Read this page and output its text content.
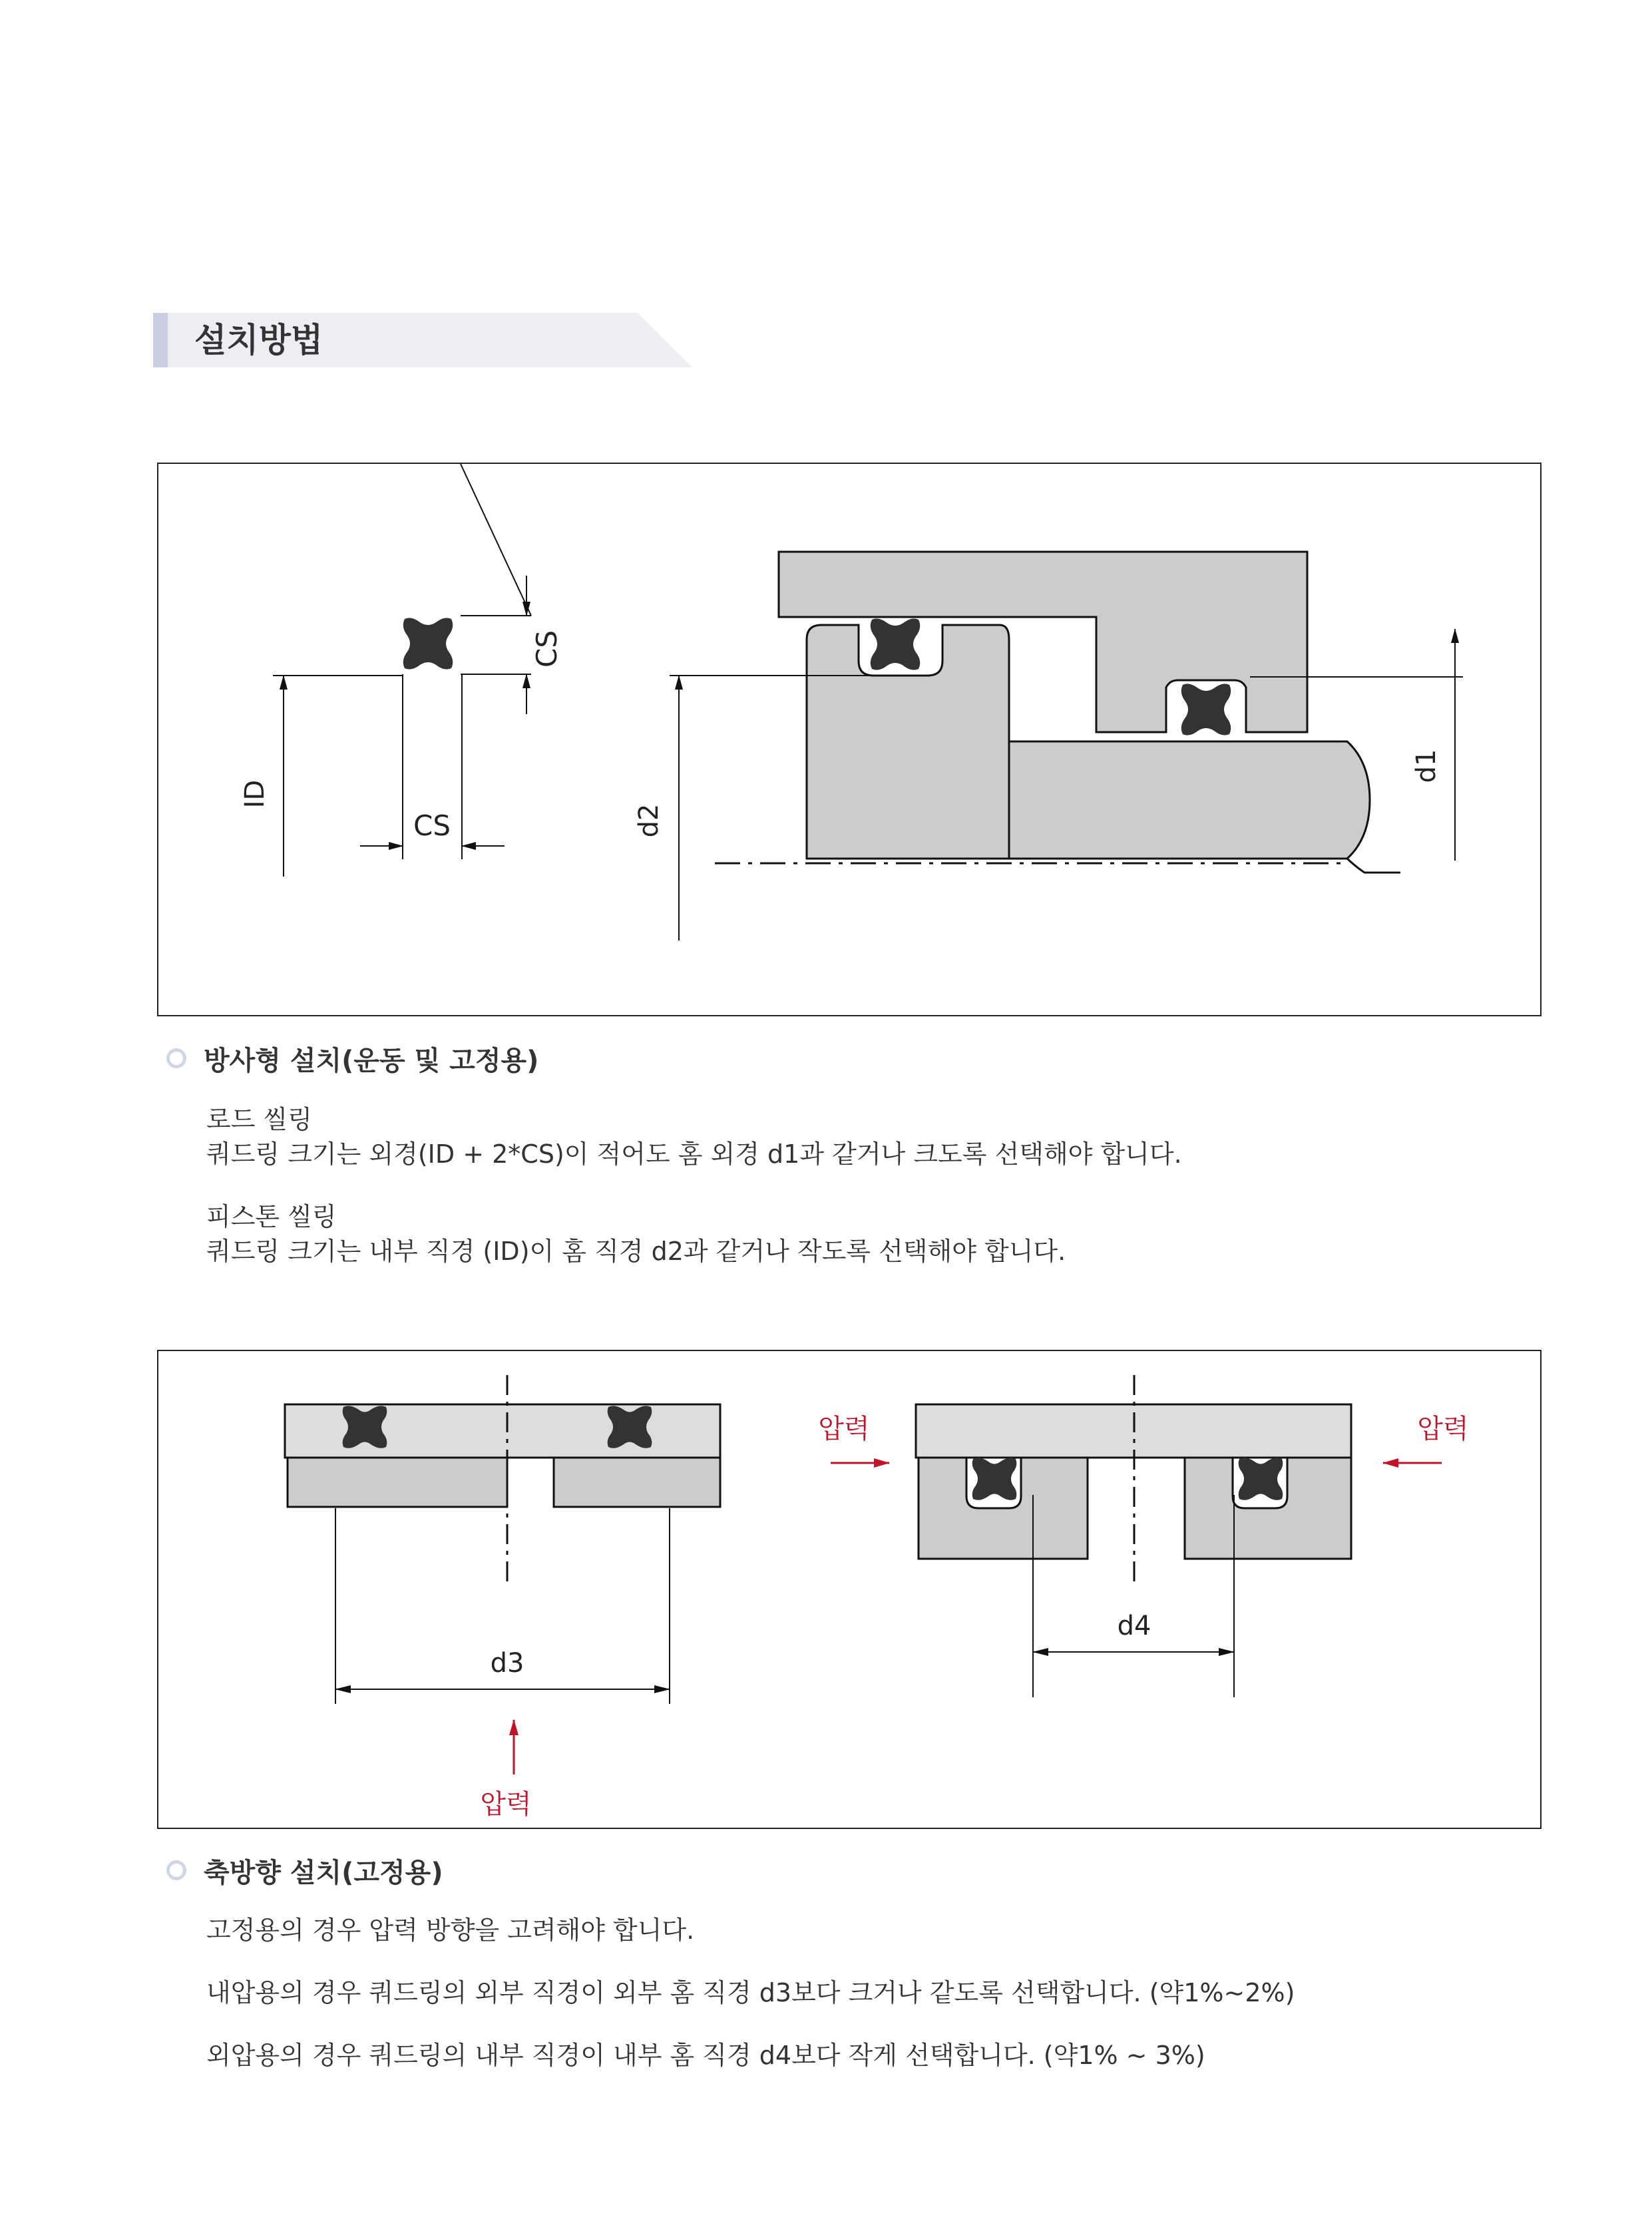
설치방법
CS
CS
ID
d2
d1
방사형 설치(운동 및 고정용)
로드 씰링
쿼드링 크기는 외경(ID + 2*CS)이 적어도 홈 외경 d1과 같거나 크도록 선택해야 합니다.
피스톤 씰링
쿼드링 크기는 내부 직경 (ID)이 홈 직경 d2과 같거나 작도록 선택해야 합니다.
d3
d4
압력	압력
압력
축방향 설치(고정용)
고정용의 경우 압력 방향을 고려해야 합니다.
내압용의 경우 쿼드링의 외부 직경이 외부 홈 직경 d3보다 크거나 같도록 선택합니다. (약1%~2%)
외압용의 경우 쿼드링의 내부 직경이 내부 홈 직경 d4보다 작게 선택합니다. (약1% ~ 3%)
